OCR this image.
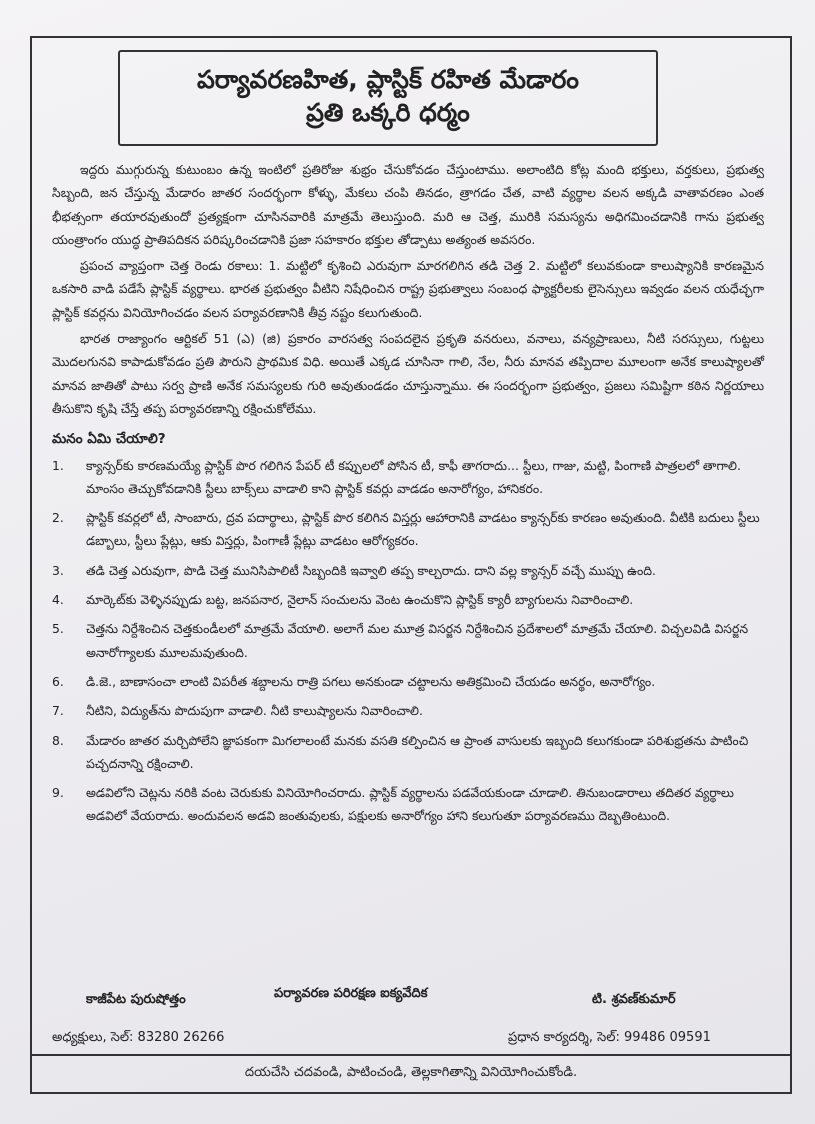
పర్యావరణహిత, ప్లాస్టిక్ రహిత మేడారం
ప్రతి ఒక్కరి ధర్మం

ఇద్దరు ముగ్గురున్న కుటుంబం ఉన్న ఇంటిలో ప్రతిరోజు శుభ్రం చేసుకోవడం చేస్తుంటాము. అలాంటిది కోట్ల మంది భక్తులు, వర్తకులు, ప్రభుత్వ సిబ్బంది, జన చేస్తున్న మేడారం జాతర సందర్భంగా కోళ్ళు, మేకలు చంపి తినడం, త్రాగడం చేత, వాటి వ్యర్థాల వలన అక్కడి వాతావరణం ఎంత భీభత్సంగా తయారవుతుందో ప్రత్యక్షంగా చూసినవారికి మాత్రమే తెలుస్తుంది. మరి ఆ చెత్త, మురికి సమస్యను అధిగమించడానికి గాను ప్రభుత్వ యంత్రాంగం యుద్ధ ప్రాతిపదికన పరిష్కరించడానికి ప్రజా సహకారం భక్తుల తోడ్పాటు అత్యంత అవసరం.

ప్రపంచ వ్యాప్తంగా చెత్త రెండు రకాలు: 1. మట్టిలో కృశించి ఎరువుగా మారగలిగిన తడి చెత్త 2. మట్టిలో కలువకుండా కాలుష్యానికి కారణమైన ఒకసారి వాడి పడేసే ప్లాస్టిక్ వ్యర్థాలు. భారత ప్రభుత్వం వీటిని నిషేధించిన రాష్ట్ర ప్రభుత్వాలు సంబంధ ఫ్యాక్టరీలకు లైసెన్సులు ఇవ్వడం వలన యధేచ్ఛగా ప్లాస్టిక్ కవర్లను వినియోగించడం వలన పర్యావరణానికి తీవ్ర నష్టం కలుగుతుంది.

భారత రాజ్యాంగం ఆర్టికల్ 51 (ఎ) (జి) ప్రకారం వారసత్వ సంపదలైన ప్రకృతి వనరులు, వనాలు, వన్యప్రాణులు, నీటి సరస్సులు, గుట్టలు మొదలగునవి కాపాడుకోవడం ప్రతి పౌరుని ప్రాథమిక విధి. అయితే ఎక్కడ చూసినా గాలి, నేల, నీరు మానవ తప్పిదాల మూలంగా అనేక కాలుష్యాలతో మానవ జాతితో పాటు సర్వ ప్రాణి అనేక సమస్యలకు గురి అవుతుండడం చూస్తున్నాము. ఈ సందర్భంగా ప్రభుత్వం, ప్రజలు సమిష్టిగా కఠిన నిర్ణయాలు తీసుకొని కృషి చేస్తే తప్ప పర్యావరణాన్ని రక్షించుకోలేము.

మనం ఏమి చేయాలి?
1.	క్యాన్సర్‌కు కారణమయ్యే ప్లాస్టిక్ పొర గలిగిన పేపర్ టీ కప్పులలో పోసిన టీ, కాఫీ తాగరాదు... స్టీలు, గాజు, మట్టి, పింగాణి పాత్రలలో తాగాలి. మాంసం తెచ్చుకోవడానికి స్టీలు బాక్స్‌లు వాడాలి కాని ప్లాస్టిక్ కవర్లు వాడడం అనారోగ్యం, హానికరం.
2.	ప్లాస్టిక్ కవర్లలో టీ, సాంబారు, ద్రవ పదార్థాలు, ప్లాస్టిక్ పొర కలిగిన విస్తర్లు ఆహారానికి వాడటం క్యాన్సర్‌కు కారణం అవుతుంది. వీటికి బదులు స్టీలు డబ్బాలు, స్టీలు ప్లేట్లు, ఆకు విస్తర్లు, పింగాణీ ప్లేట్లు వాడటం ఆరోగ్యకరం.
3.	తడి చెత్త ఎరువుగా, పొడి చెత్త మునిసిపాలిటీ సిబ్బందికి ఇవ్వాలి తప్ప కాల్చరాదు. దాని వల్ల క్యాన్సర్ వచ్చే ముప్పు ఉంది.
4.	మార్కెట్‌కు వెళ్ళినప్పుడు బట్ట, జనపనార, నైలాన్ సంచులను వెంట ఉంచుకొని ప్లాస్టిక్ క్యారీ బ్యాగులను నివారించాలి.
5.	చెత్తను నిర్దేశించిన చెత్తకుండీలలో మాత్రమే వేయాలి. అలాగే మల మూత్ర విసర్జన నిర్దేశించిన ప్రదేశాలలో మాత్రమే చేయాలి. విచ్చలవిడి విసర్జన అనారోగ్యాలకు మూలమవుతుంది.
6.	డి.జె., బాణాసంచా లాంటి విపరీత శబ్దాలను రాత్రి పగలు అనకుండా చట్టాలను అతిక్రమించి చేయడం అనర్థం, అనారోగ్యం.
7.	నీటిని, విద్యుత్‌ను పొదుపుగా వాడాలి. నీటి కాలుష్యాలను నివారించాలి.
8.	మేడారం జాతర మర్చిపోలేని జ్ఞాపకంగా మిగలాలంటే మనకు వసతి కల్పించిన ఆ ప్రాంత వాసులకు ఇబ్బంది కలుగకుండా పరిశుభ్రతను పాటించి పచ్చదనాన్ని రక్షించాలి.
9.	అడవిలోని చెట్లను నరికి వంట చెరుకుకు వినియోగించరాదు. ప్లాస్టిక్ వ్యర్థాలను పడవేయకుండా చూడాలి. తినుబండారాలు తదితర వ్యర్థాలు అడవిలో వేయరాదు. అందువలన అడవి జంతువులకు, పక్షులకు అనారోగ్యం హాని కలుగుతూ పర్యావరణము దెబ్బతింటుంది.
కాజీపేట పురుషోత్తం	పర్యావరణ పరిరక్షణ ఐక్యవేదిక	టి. శ్రవణ్‌కుమార్
అధ్యక్షులు, సెల్: 83280 26266	ప్రధాన కార్యదర్శి, సెల్: 99486 09591
దయచేసి చదవండి, పాటించండి, తెల్లకాగితాన్ని వినియోగించుకోండి.
